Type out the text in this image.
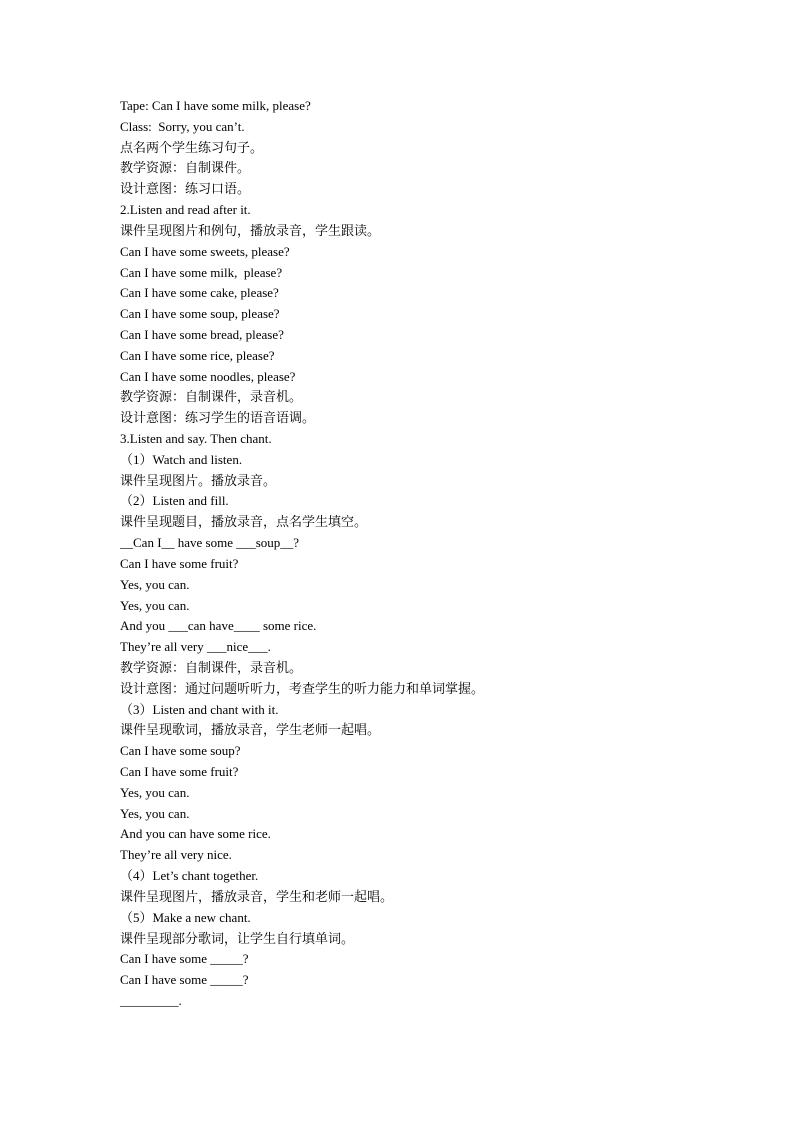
Tape: Can I have some milk, please?
Class:  Sorry, you can’t.
点名两个学生练习句子。
教学资源：自制课件。
设计意图：练习口语。
2.Listen and read after it.
课件呈现图片和例句，播放录音，学生跟读。
Can I have some sweets, please?
Can I have some milk,  please?
Can I have some cake, please?
Can I have some soup, please?
Can I have some bread, please?
Can I have some rice, please?
Can I have some noodles, please?
教学资源：自制课件，录音机。
设计意图：练习学生的语音语调。
3.Listen and say. Then chant.
（1）Watch and listen.
课件呈现图片。播放录音。
（2）Listen and fill.
课件呈现题目，播放录音，点名学生填空。
__Can I__ have some ___soup__?
Can I have some fruit?
Yes, you can.
Yes, you can.
And you ___can have____ some rice.
They’re all very ___nice___.
教学资源：自制课件，录音机。
设计意图：通过问题听听力，考查学生的听力能力和单词掌握。
（3）Listen and chant with it.
课件呈现歌词，播放录音，学生老师一起唱。
Can I have some soup?
Can I have some fruit?
Yes, you can.
Yes, you can.
And you can have some rice.
They’re all very nice.
（4）Let’s chant together.
课件呈现图片，播放录音，学生和老师一起唱。
（5）Make a new chant.
课件呈现部分歌词，让学生自行填单词。
Can I have some _____?
Can I have some _____?
_________.
